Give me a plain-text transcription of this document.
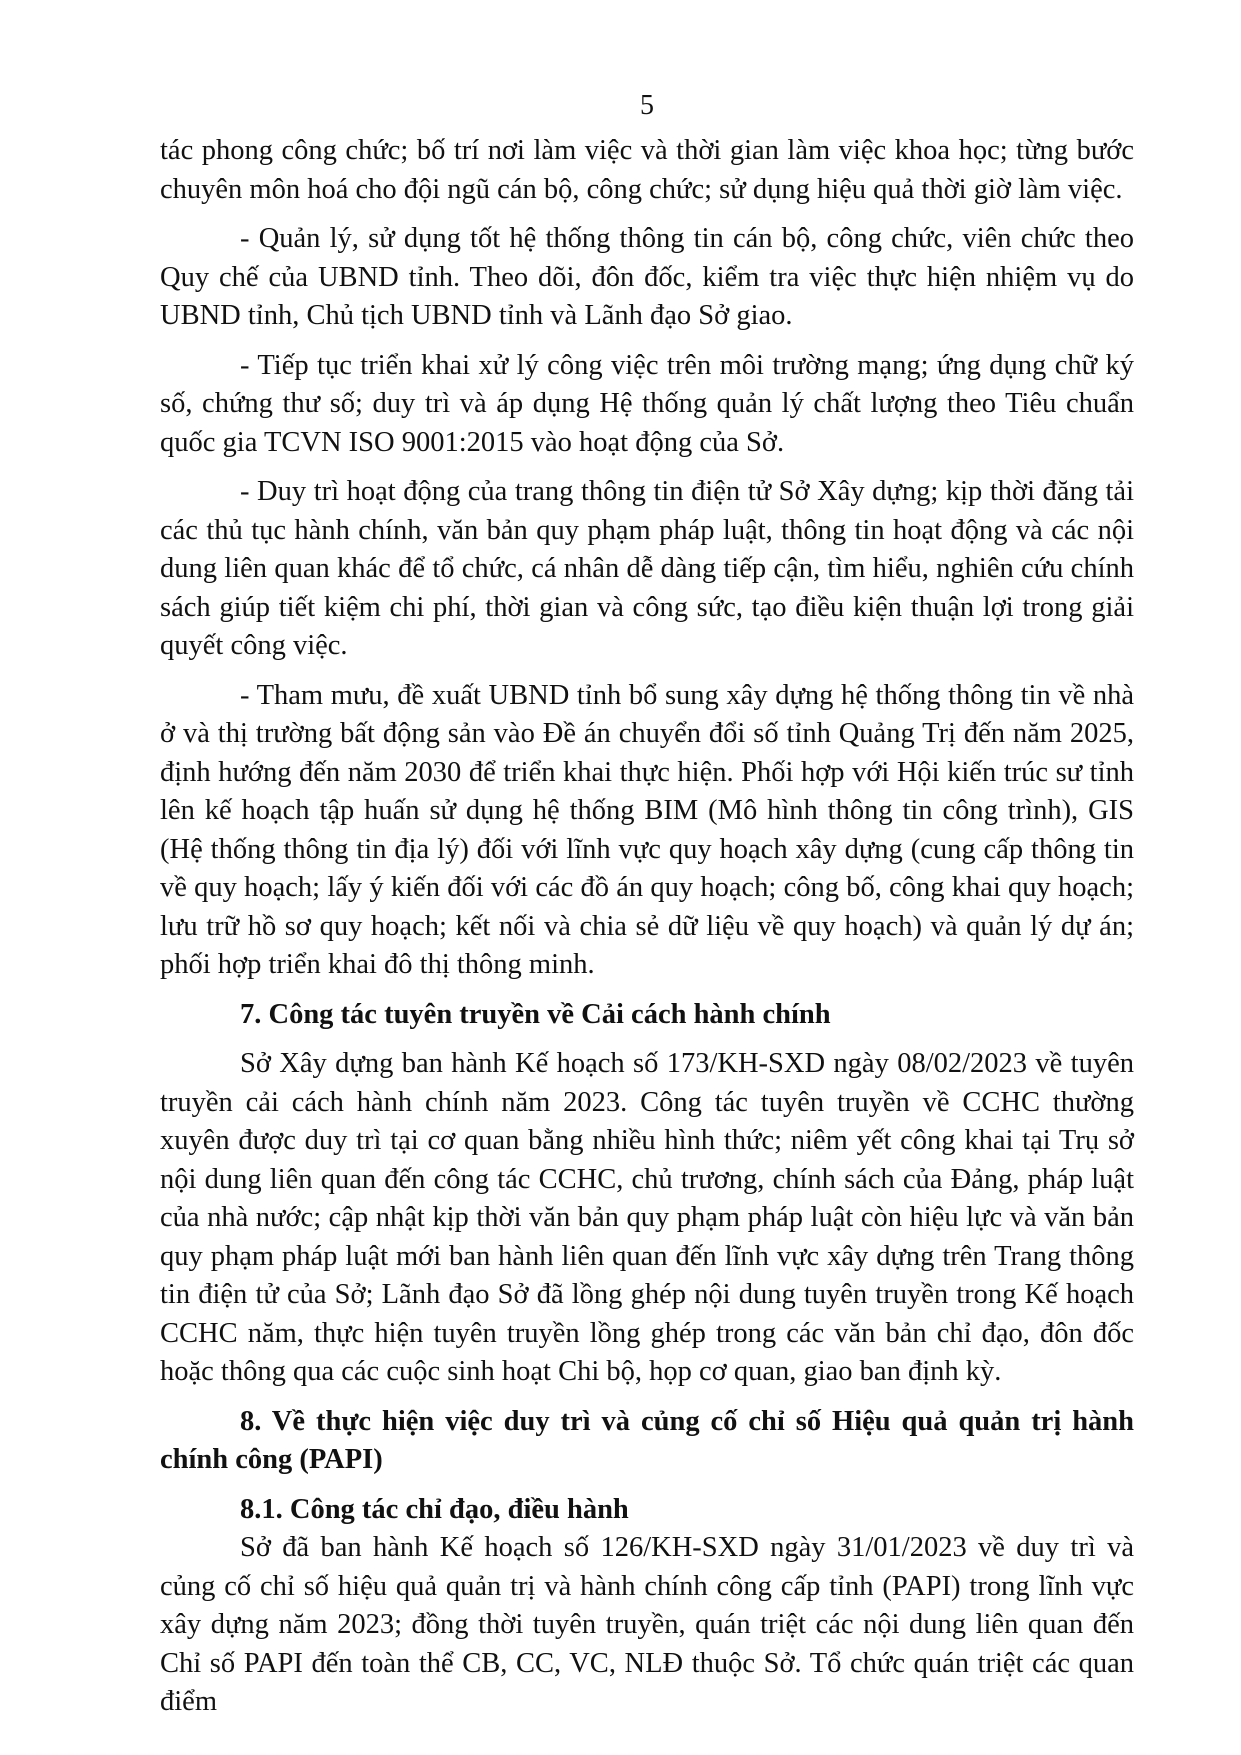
5

tác phong công chức; bố trí nơi làm việc và thời gian làm việc khoa học; từng bước chuyên môn hoá cho đội ngũ cán bộ, công chức; sử dụng hiệu quả thời giờ làm việc.

- Quản lý, sử dụng tốt hệ thống thông tin cán bộ, công chức, viên chức theo Quy chế của UBND tỉnh. Theo dõi, đôn đốc, kiểm tra việc thực hiện nhiệm vụ do UBND tỉnh, Chủ tịch UBND tỉnh và Lãnh đạo Sở giao.

- Tiếp tục triển khai xử lý công việc trên môi trường mạng; ứng dụng chữ ký số, chứng thư số; duy trì và áp dụng Hệ thống quản lý chất lượng theo Tiêu chuẩn quốc gia TCVN ISO 9001:2015 vào hoạt động của Sở.

- Duy trì hoạt động của trang thông tin điện tử Sở Xây dựng; kịp thời đăng tải các thủ tục hành chính, văn bản quy phạm pháp luật, thông tin hoạt động và các nội dung liên quan khác để tổ chức, cá nhân dễ dàng tiếp cận, tìm hiểu, nghiên cứu chính sách giúp tiết kiệm chi phí, thời gian và công sức, tạo điều kiện thuận lợi trong giải quyết công việc.

- Tham mưu, đề xuất UBND tỉnh bổ sung xây dựng hệ thống thông tin về nhà ở và thị trường bất động sản vào Đề án chuyển đổi số tỉnh Quảng Trị đến năm 2025, định hướng đến năm 2030 để triển khai thực hiện. Phối hợp với Hội kiến trúc sư tỉnh lên kế hoạch tập huấn sử dụng hệ thống BIM (Mô hình thông tin công trình), GIS (Hệ thống thông tin địa lý) đối với lĩnh vực quy hoạch xây dựng (cung cấp thông tin về quy hoạch; lấy ý kiến đối với các đồ án quy hoạch; công bố, công khai quy hoạch; lưu trữ hồ sơ quy hoạch; kết nối và chia sẻ dữ liệu về quy hoạch) và quản lý dự án; phối hợp triển khai đô thị thông minh.

7. Công tác tuyên truyền về Cải cách hành chính

Sở Xây dựng ban hành Kế hoạch số 173/KH-SXD ngày 08/02/2023 về tuyên truyền cải cách hành chính năm 2023. Công tác tuyên truyền về CCHC thường xuyên được duy trì tại cơ quan bằng nhiều hình thức; niêm yết công khai tại Trụ sở nội dung liên quan đến công tác CCHC, chủ trương, chính sách của Đảng, pháp luật của nhà nước; cập nhật kịp thời văn bản quy phạm pháp luật còn hiệu lực và văn bản quy phạm pháp luật mới ban hành liên quan đến lĩnh vực xây dựng trên Trang thông tin điện tử của Sở; Lãnh đạo Sở đã lồng ghép nội dung tuyên truyền trong Kế hoạch CCHC năm, thực hiện tuyên truyền lồng ghép trong các văn bản chỉ đạo, đôn đốc hoặc thông qua các cuộc sinh hoạt Chi bộ, họp cơ quan, giao ban định kỳ.

8. Về thực hiện việc duy trì và củng cố chỉ số Hiệu quả quản trị hành chính công (PAPI)
8.1. Công tác chỉ đạo, điều hành

Sở đã ban hành Kế hoạch số 126/KH-SXD ngày 31/01/2023 về duy trì và củng cố chỉ số hiệu quả quản trị và hành chính công cấp tỉnh (PAPI) trong lĩnh vực xây dựng năm 2023; đồng thời tuyên truyền, quán triệt các nội dung liên quan đến Chỉ số PAPI đến toàn thể CB, CC, VC, NLĐ thuộc Sở. Tổ chức quán triệt các quan điểm
